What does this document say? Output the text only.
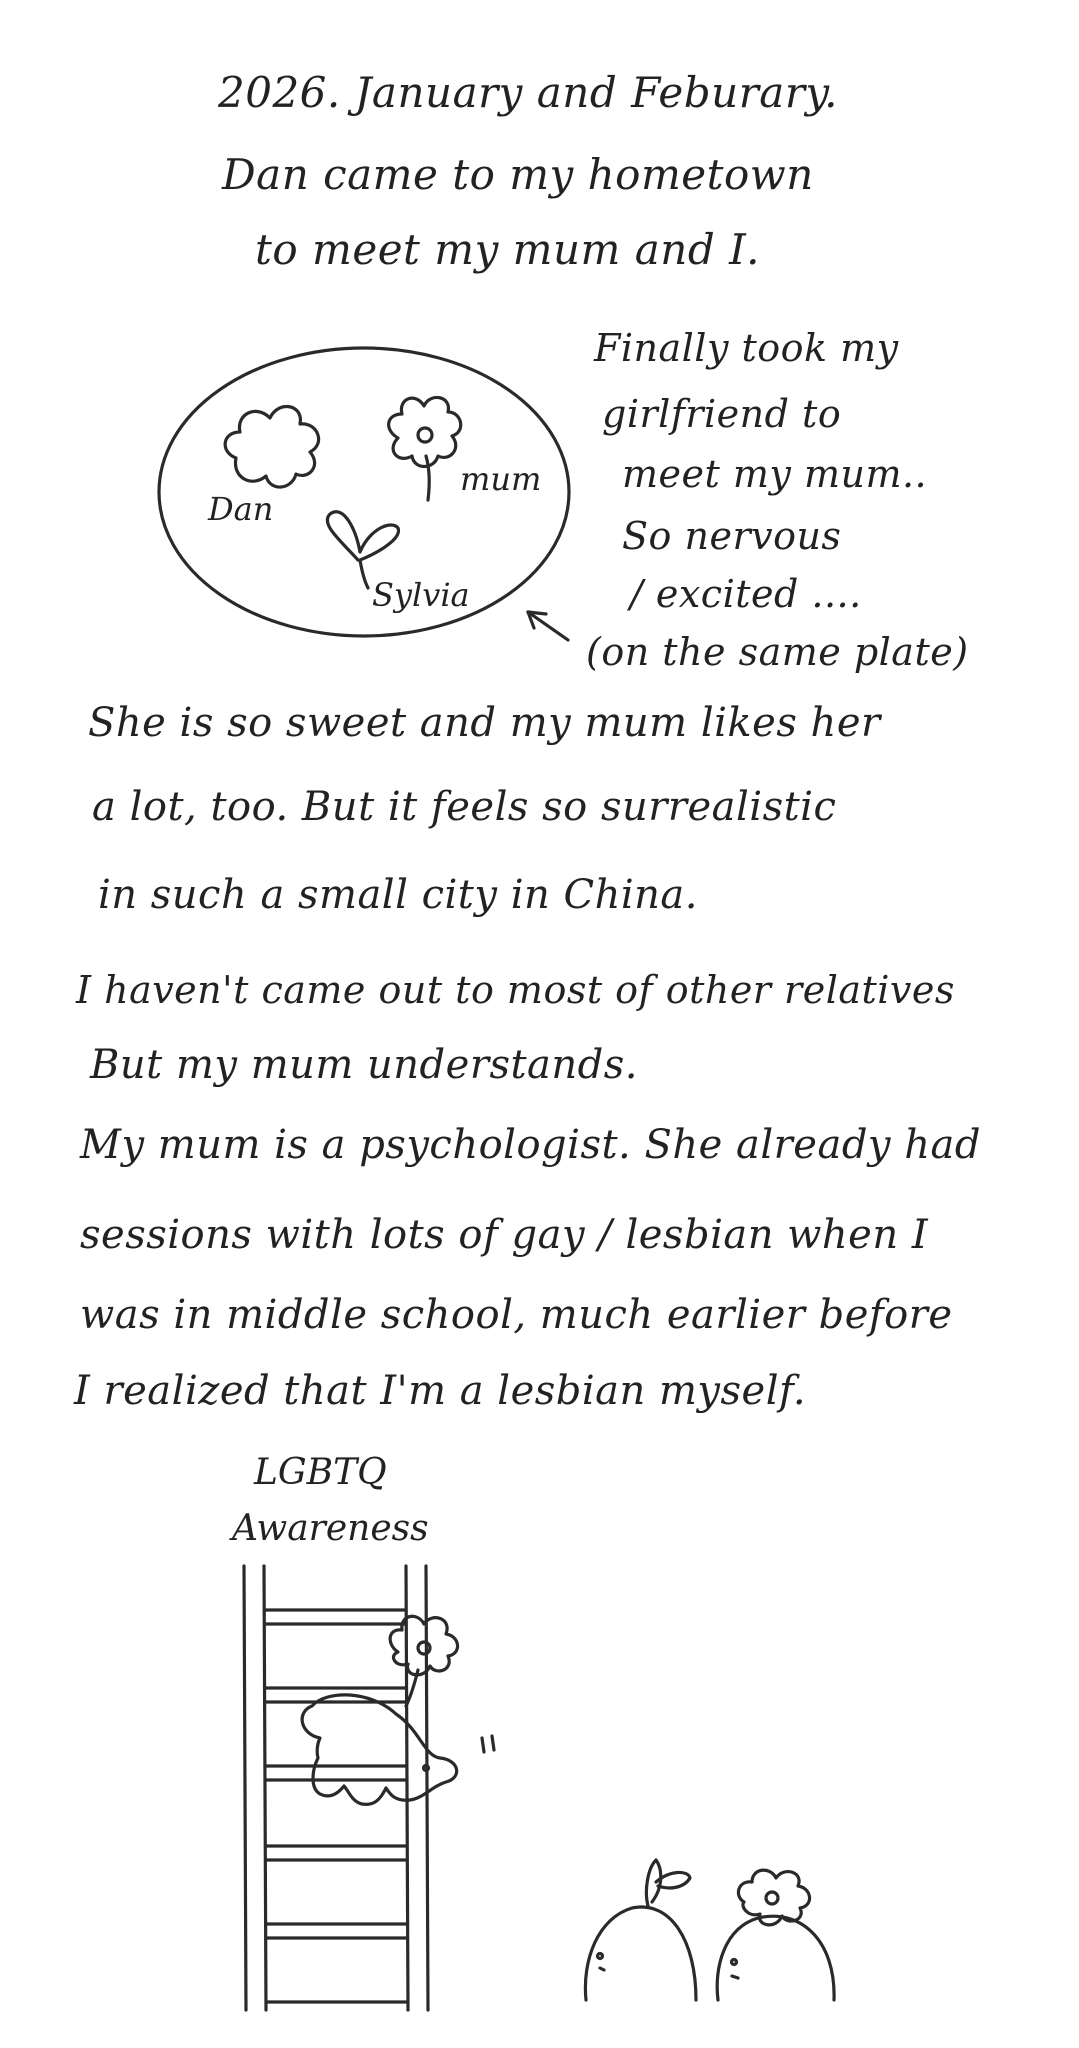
2026. January and Feburary.
Dan came to my hometown
to meet my mum and I.
Dan
mum
Sylvia
Finally took my
girlfriend to
meet my mum..
So nervous
/ excited ....
(on the same plate)
She is so sweet and my mum likes her
a lot, too. But it feels so surrealistic
in such a small city in China.
I haven't came out to most of other relatives
But my mum understands.
My mum is a psychologist. She already had
sessions with lots of gay / lesbian when I
was in middle school, much earlier before
I realized that I'm a lesbian myself.
LGBTQ
Awareness
